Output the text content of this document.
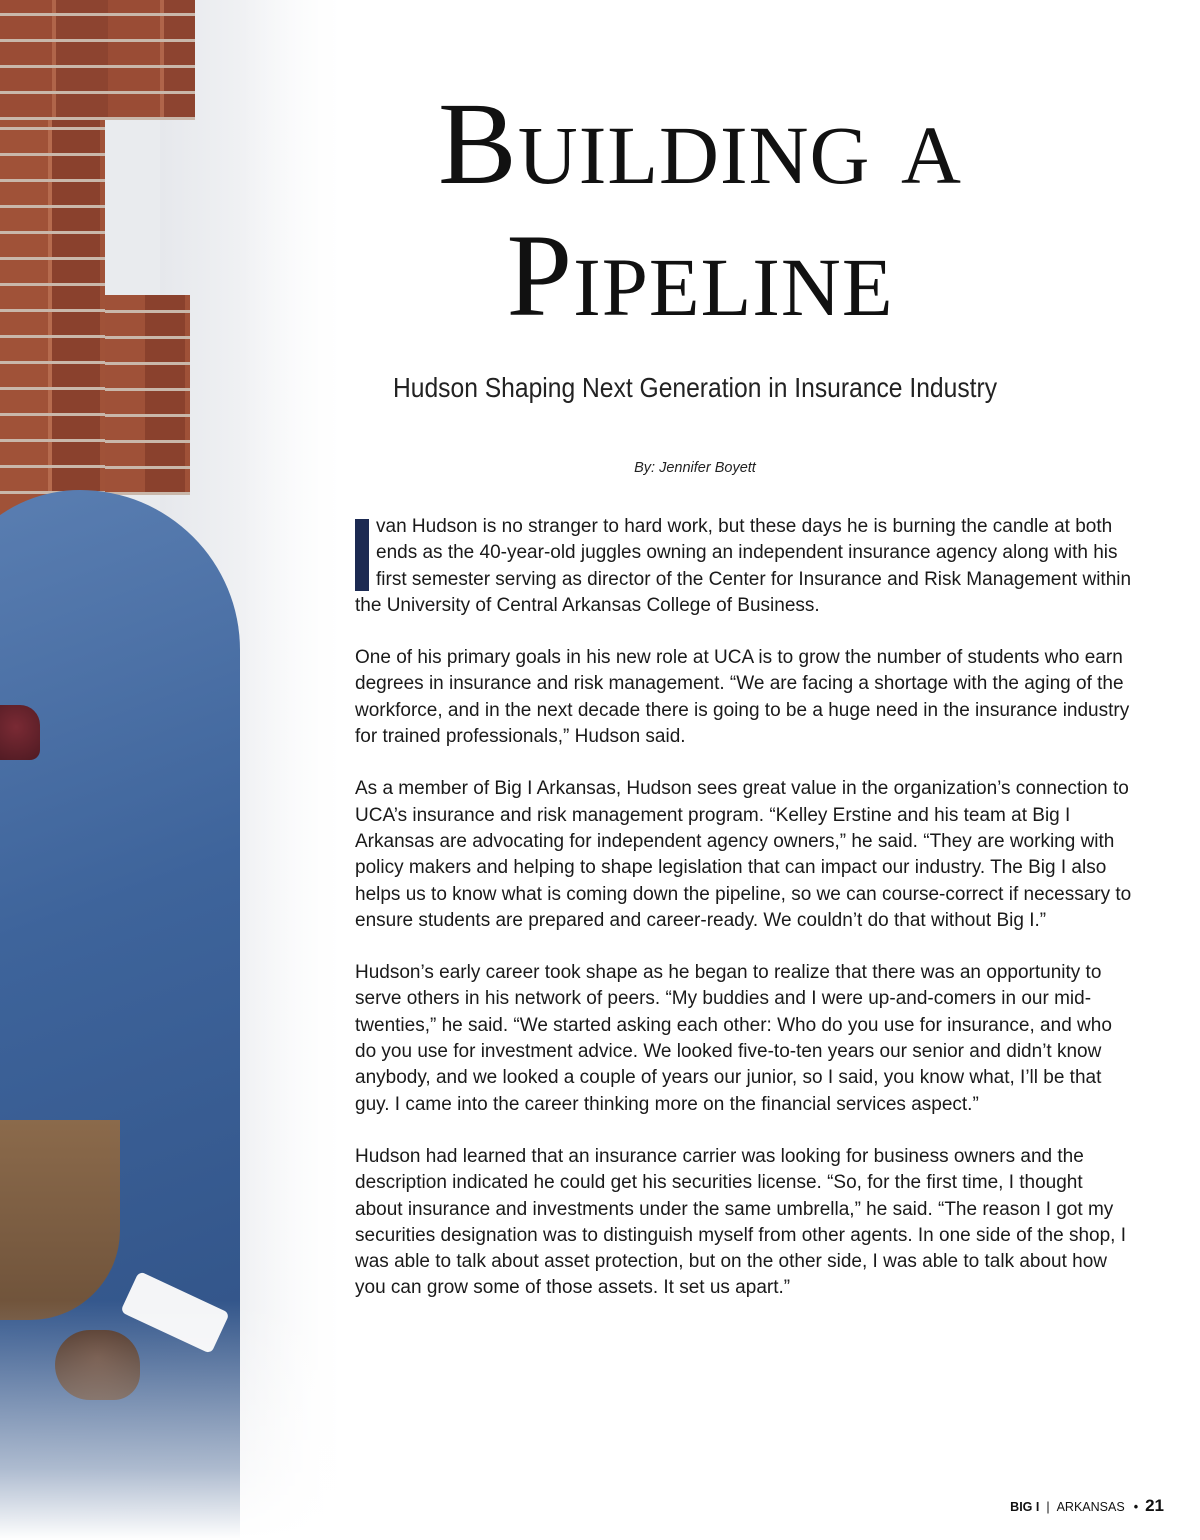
Building a
Pipeline
Hudson Shaping Next Generation in Insurance Industry

By: Jennifer Boyett

van Hudson is no stranger to hard work, but these days he is burning the candle at both ends as the 40-year-old juggles owning an independent insurance agency along with his first semester serving as director of the Center for Insurance and Risk Management within the University of Central Arkansas College of Business.

One of his primary goals in his new role at UCA is to grow the number of students who earn degrees in insurance and risk management. “We are facing a shortage with the aging of the workforce, and in the next decade there is going to be a huge need in the insurance industry for trained professionals,” Hudson said.

As a member of Big I Arkansas, Hudson sees great value in the organization’s connection to UCA’s insurance and risk management program. “Kelley Erstine and his team at Big I Arkansas are advocating for independent agency owners,” he said. “They are working with policy makers and helping to shape legislation that can impact our industry. The Big I also helps us to know what is coming down the pipeline, so we can course-correct if necessary to ensure students are prepared and career-ready. We couldn’t do that without Big I.”

Hudson’s early career took shape as he began to realize that there was an opportunity to serve others in his network of peers. “My buddies and I were up-and-comers in our mid-twenties,” he said. “We started asking each other: Who do you use for insurance, and who do you use for investment advice. We looked five-to-ten years our senior and didn’t know anybody, and we looked a couple of years our junior, so I said, you know what, I’ll be that guy. I came into the career thinking more on the financial services aspect.”

Hudson had learned that an insurance carrier was looking for business owners and the description indicated he could get his securities license. “So, for the first time, I thought about insurance and investments under the same umbrella,” he said. “The reason I got my securities designation was to distinguish myself from other agents. In one side of the shop, I was able to talk about asset protection, but on the other side, I was able to talk about how you can grow some of those assets. It set us apart.”

BIG I | ARKANSAS • 21
